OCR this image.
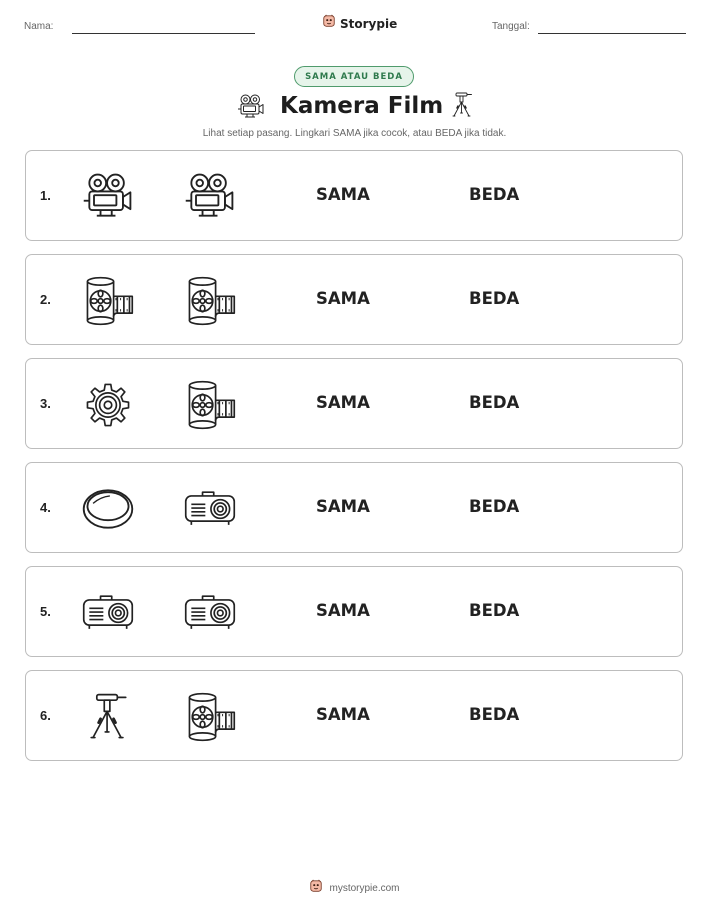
Nama:	Storypie	Tanggal:
SAMA ATAU BEDA
Kamera Film
Lihat setiap pasang. Lingkari SAMA jika cocok, atau BEDA jika tidak.
1.	SAMA	BEDA
2.	SAMA	BEDA
3.	SAMA	BEDA
4.	SAMA	BEDA
5.	SAMA	BEDA
6.	SAMA	BEDA
mystorypie.com
